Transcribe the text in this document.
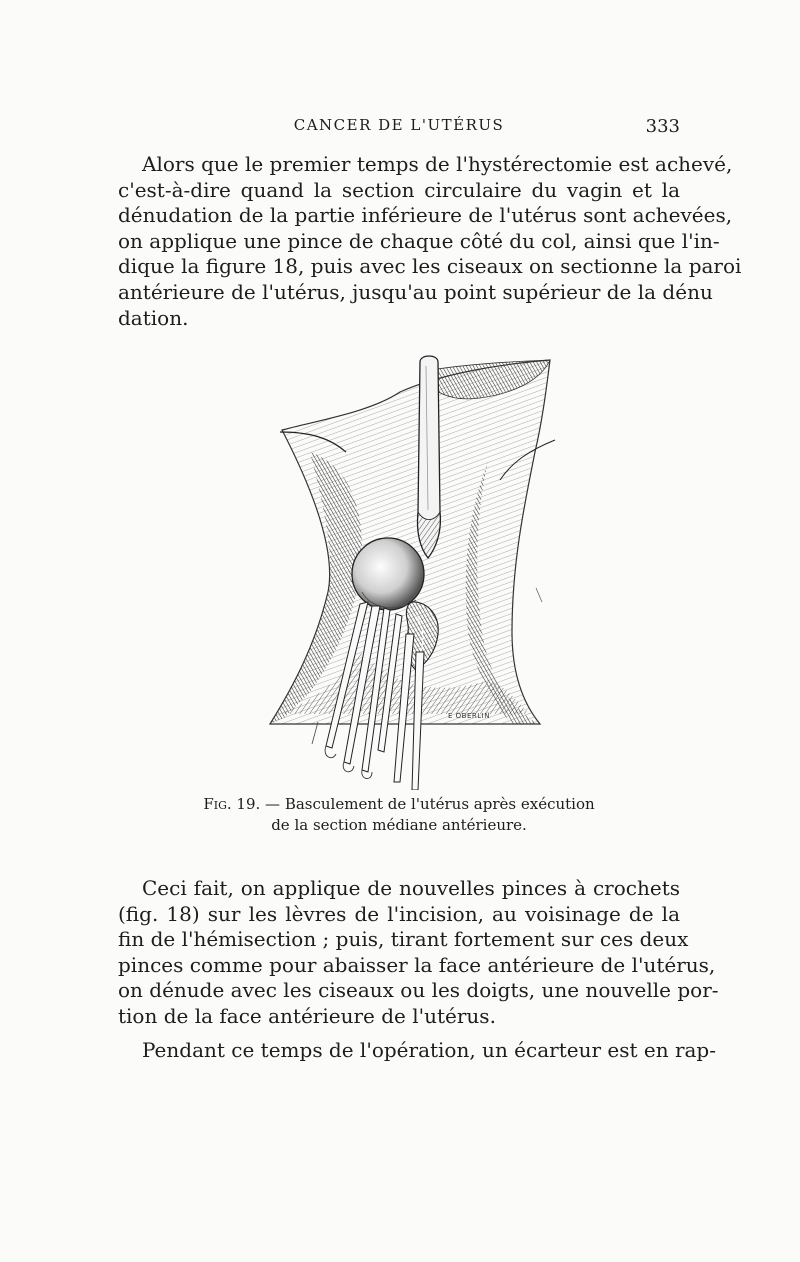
CANCER DE L'UTÉRUS	333

Alors que le premier temps de l'hystérectomie est achevé,
c'est-à-dire quand la section circulaire du vagin et la
dénudation de la partie inférieure de l'utérus sont achevées,
on applique une pince de chaque côté du col, ainsi que l'in-
dique la figure 18, puis avec les ciseaux on sectionne la paroi
antérieure de l'utérus, jusqu'au point supérieur de la dénu
dation.

E OBERLIN

Fig. 19. — Basculement de l'utérus après exécution

de la section médiane antérieure.

Ceci fait, on applique de nouvelles pinces à crochets
(fig. 18) sur les lèvres de l'incision, au voisinage de la
fin de l'hémisection ; puis, tirant fortement sur ces deux
pinces comme pour abaisser la face antérieure de l'utérus,
on dénude avec les ciseaux ou les doigts, une nouvelle por-
tion de la face antérieure de l'utérus.

Pendant ce temps de l'opération, un écarteur est en rap-
